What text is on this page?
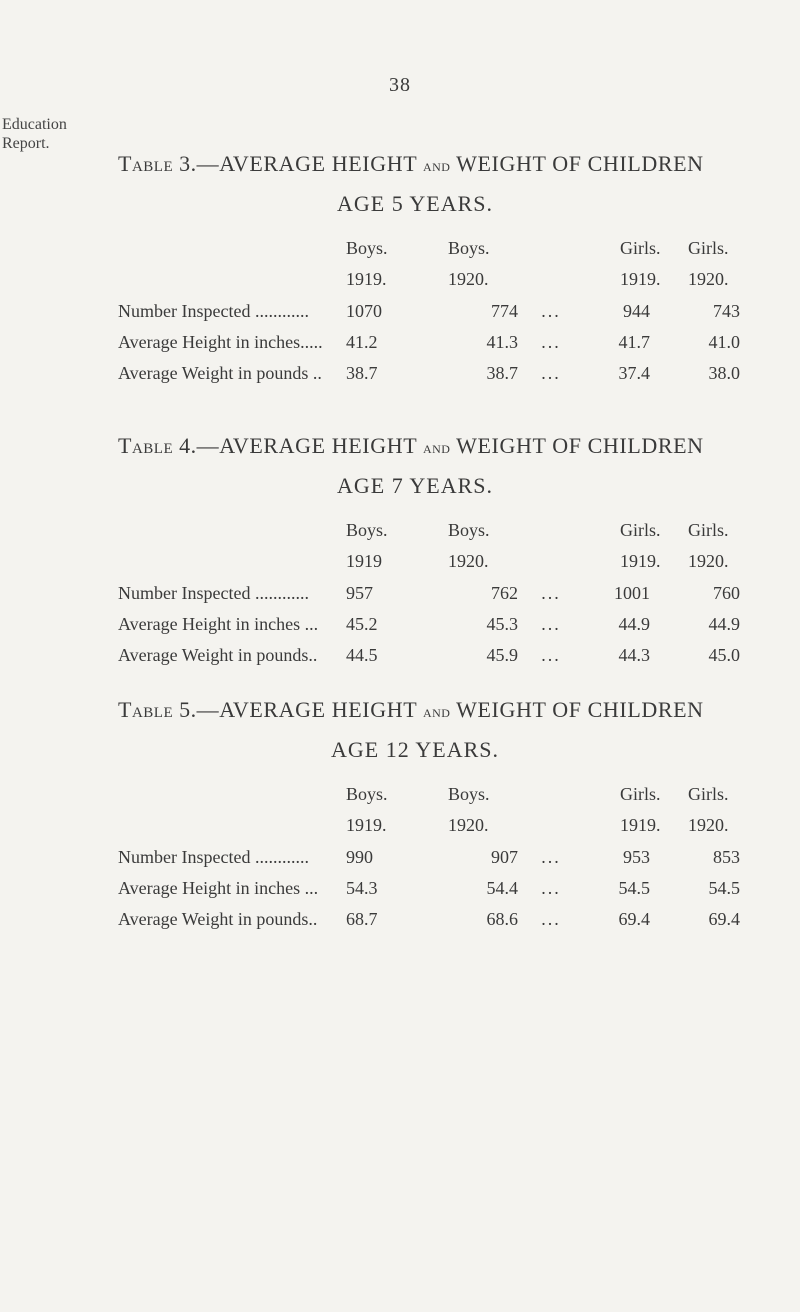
38
Education
Report.
Table 3.—AVERAGE HEIGHT and WEIGHT OF CHILDREN
AGE 5 YEARS.
Boys.	Boys.	Girls.	Girls.
1919.	1920.	1919.	1920.
Number Inspected ............ 1070	774 ...	944	743
Average Height in inches..... 41.2	41.3 ...	41.7	41.0
Average Weight in pounds .. 38.7	38.7 ...	37.4	38.0
Table 4.—AVERAGE HEIGHT and WEIGHT OF CHILDREN
AGE 7 YEARS.
Boys.	Boys.	Girls.	Girls.
1919	1920.	1919.	1920.
Number Inspected ............ 957	762 ...	1001	760
Average Height in inches ... 45.2	45.3 ...	44.9	44.9
Average Weight in pounds.. 44.5	45.9 ...	44.3	45.0
Table 5.—AVERAGE HEIGHT and WEIGHT OF CHILDREN
AGE 12 YEARS.
Boys.	Boys.	Girls.	Girls.
1919.	1920.	1919.	1920.
Number Inspected ............ 990	907 ...	953	853
Average Height in inches ... 54.3	54.4 ...	54.5	54.5
Average Weight in pounds.. 68.7	68.6 ...	69.4	69.4
